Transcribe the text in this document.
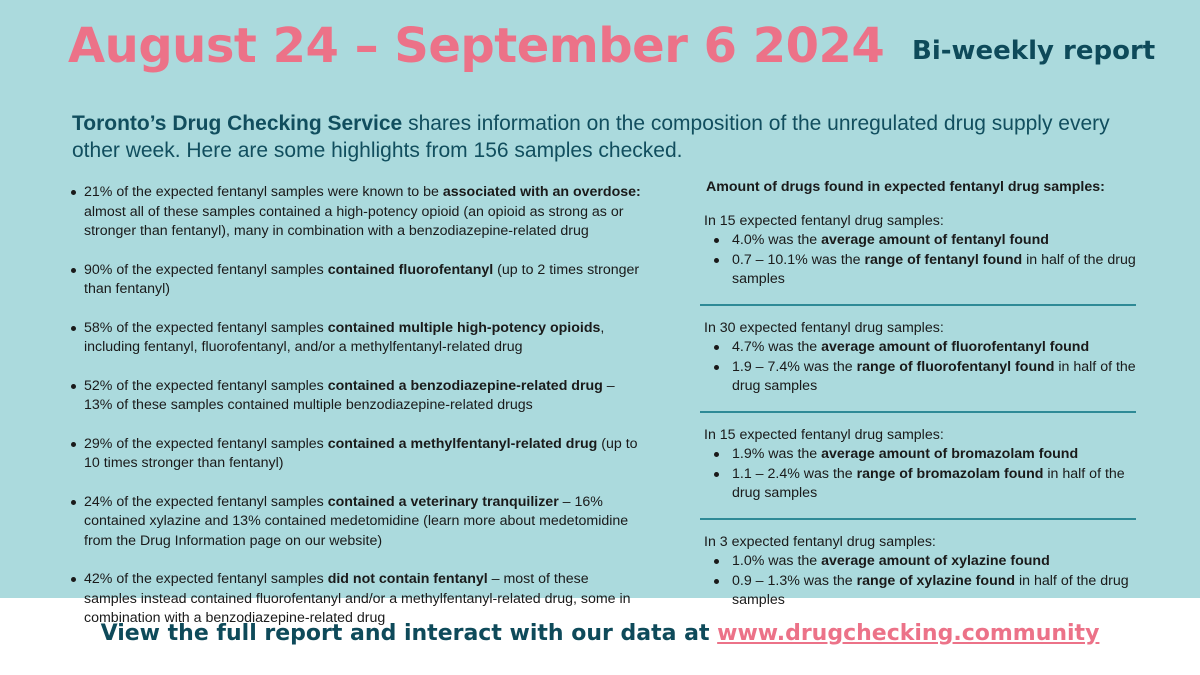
August 24 – September 6 2024 Bi-weekly report

Toronto’s Drug Checking Service shares information on the composition of the unregulated drug supply every other week. Here are some highlights from 156 samples checked.

21% of the expected fentanyl samples were known to be associated with an overdose: almost all of these samples contained a high-potency opioid (an opioid as strong as or stronger than fentanyl), many in combination with a benzodiazepine-related drug
90% of the expected fentanyl samples contained fluorofentanyl (up to 2 times stronger than fentanyl)
58% of the expected fentanyl samples contained multiple high-potency opioids, including fentanyl, fluorofentanyl, and/or a methylfentanyl-related drug
52% of the expected fentanyl samples contained a benzodiazepine-related drug – 13% of these samples contained multiple benzodiazepine-related drugs
29% of the expected fentanyl samples contained a methylfentanyl-related drug (up to 10 times stronger than fentanyl)
24% of the expected fentanyl samples contained a veterinary tranquilizer – 16% contained xylazine and 13% contained medetomidine (learn more about medetomidine from the Drug Information page on our website)
42% of the expected fentanyl samples did not contain fentanyl – most of these samples instead contained fluorofentanyl and/or a methylfentanyl-related drug, some in combination with a benzodiazepine-related drug
Amount of drugs found in expected fentanyl drug samples:
In 15 expected fentanyl drug samples:
4.0% was the average amount of fentanyl found
0.7 – 10.1% was the range of fentanyl found in half of the drug samples
In 30 expected fentanyl drug samples:
4.7% was the average amount of fluorofentanyl found
1.9 – 7.4% was the range of fluorofentanyl found in half of the drug samples
In 15 expected fentanyl drug samples:
1.9% was the average amount of bromazolam found
1.1 – 2.4% was the range of bromazolam found in half of the drug samples
In 3 expected fentanyl drug samples:
1.0% was the average amount of xylazine found
0.9 – 1.3% was the range of xylazine found in half of the drug samples
View the full report and interact with our data at www.drugchecking.community
